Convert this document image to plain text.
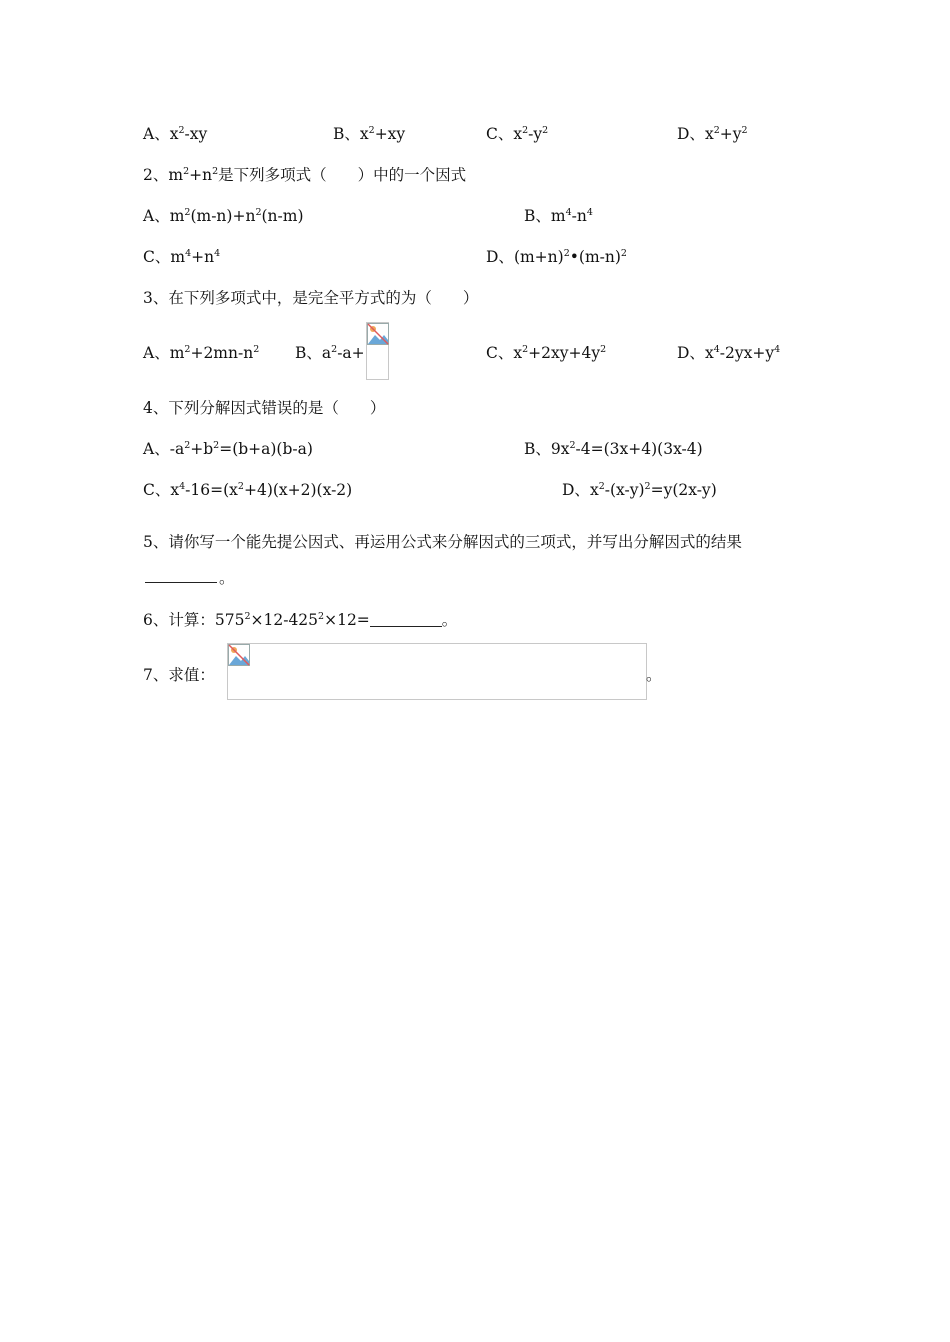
A、$x^2-xy$	B、$x^2+xy$	C、$x^2-y^2$	D、$x^2+y^2$
2、$m^2+n^2$是下列多项式（　　）中的一个因式
A、$m^2(m-n)+n^2(n-m)$	B、$m^4-n^4$
C、$m^4+n^4$	D、$(m+n)^2•(m-n)^2$
3、在下列多项式中，是完全平方式的为（　　）
A、$m^2+2mn-n^2$ B、$a^2-a+$	C、$x^2+2xy+4y^2$	D、$x^4-2yx+y^4$
4、下列分解因式错误的是（　　）
A、$-a^2+b^2=(b+a)(b-a)$	B、$9x^2-4=(3x+4)(3x-4)$
C、$x^4-16=(x^2+4)(x+2)(x-2)$	D、$x^2-(x-y)^2=y(2x-y)$
5、请你写一个能先提公因式、再运用公式来分解因式的三项式，并写出分解因式的结果
。
6、计算：$575^2\times 12-425^2\times 12=$	。
7、求值：	。
